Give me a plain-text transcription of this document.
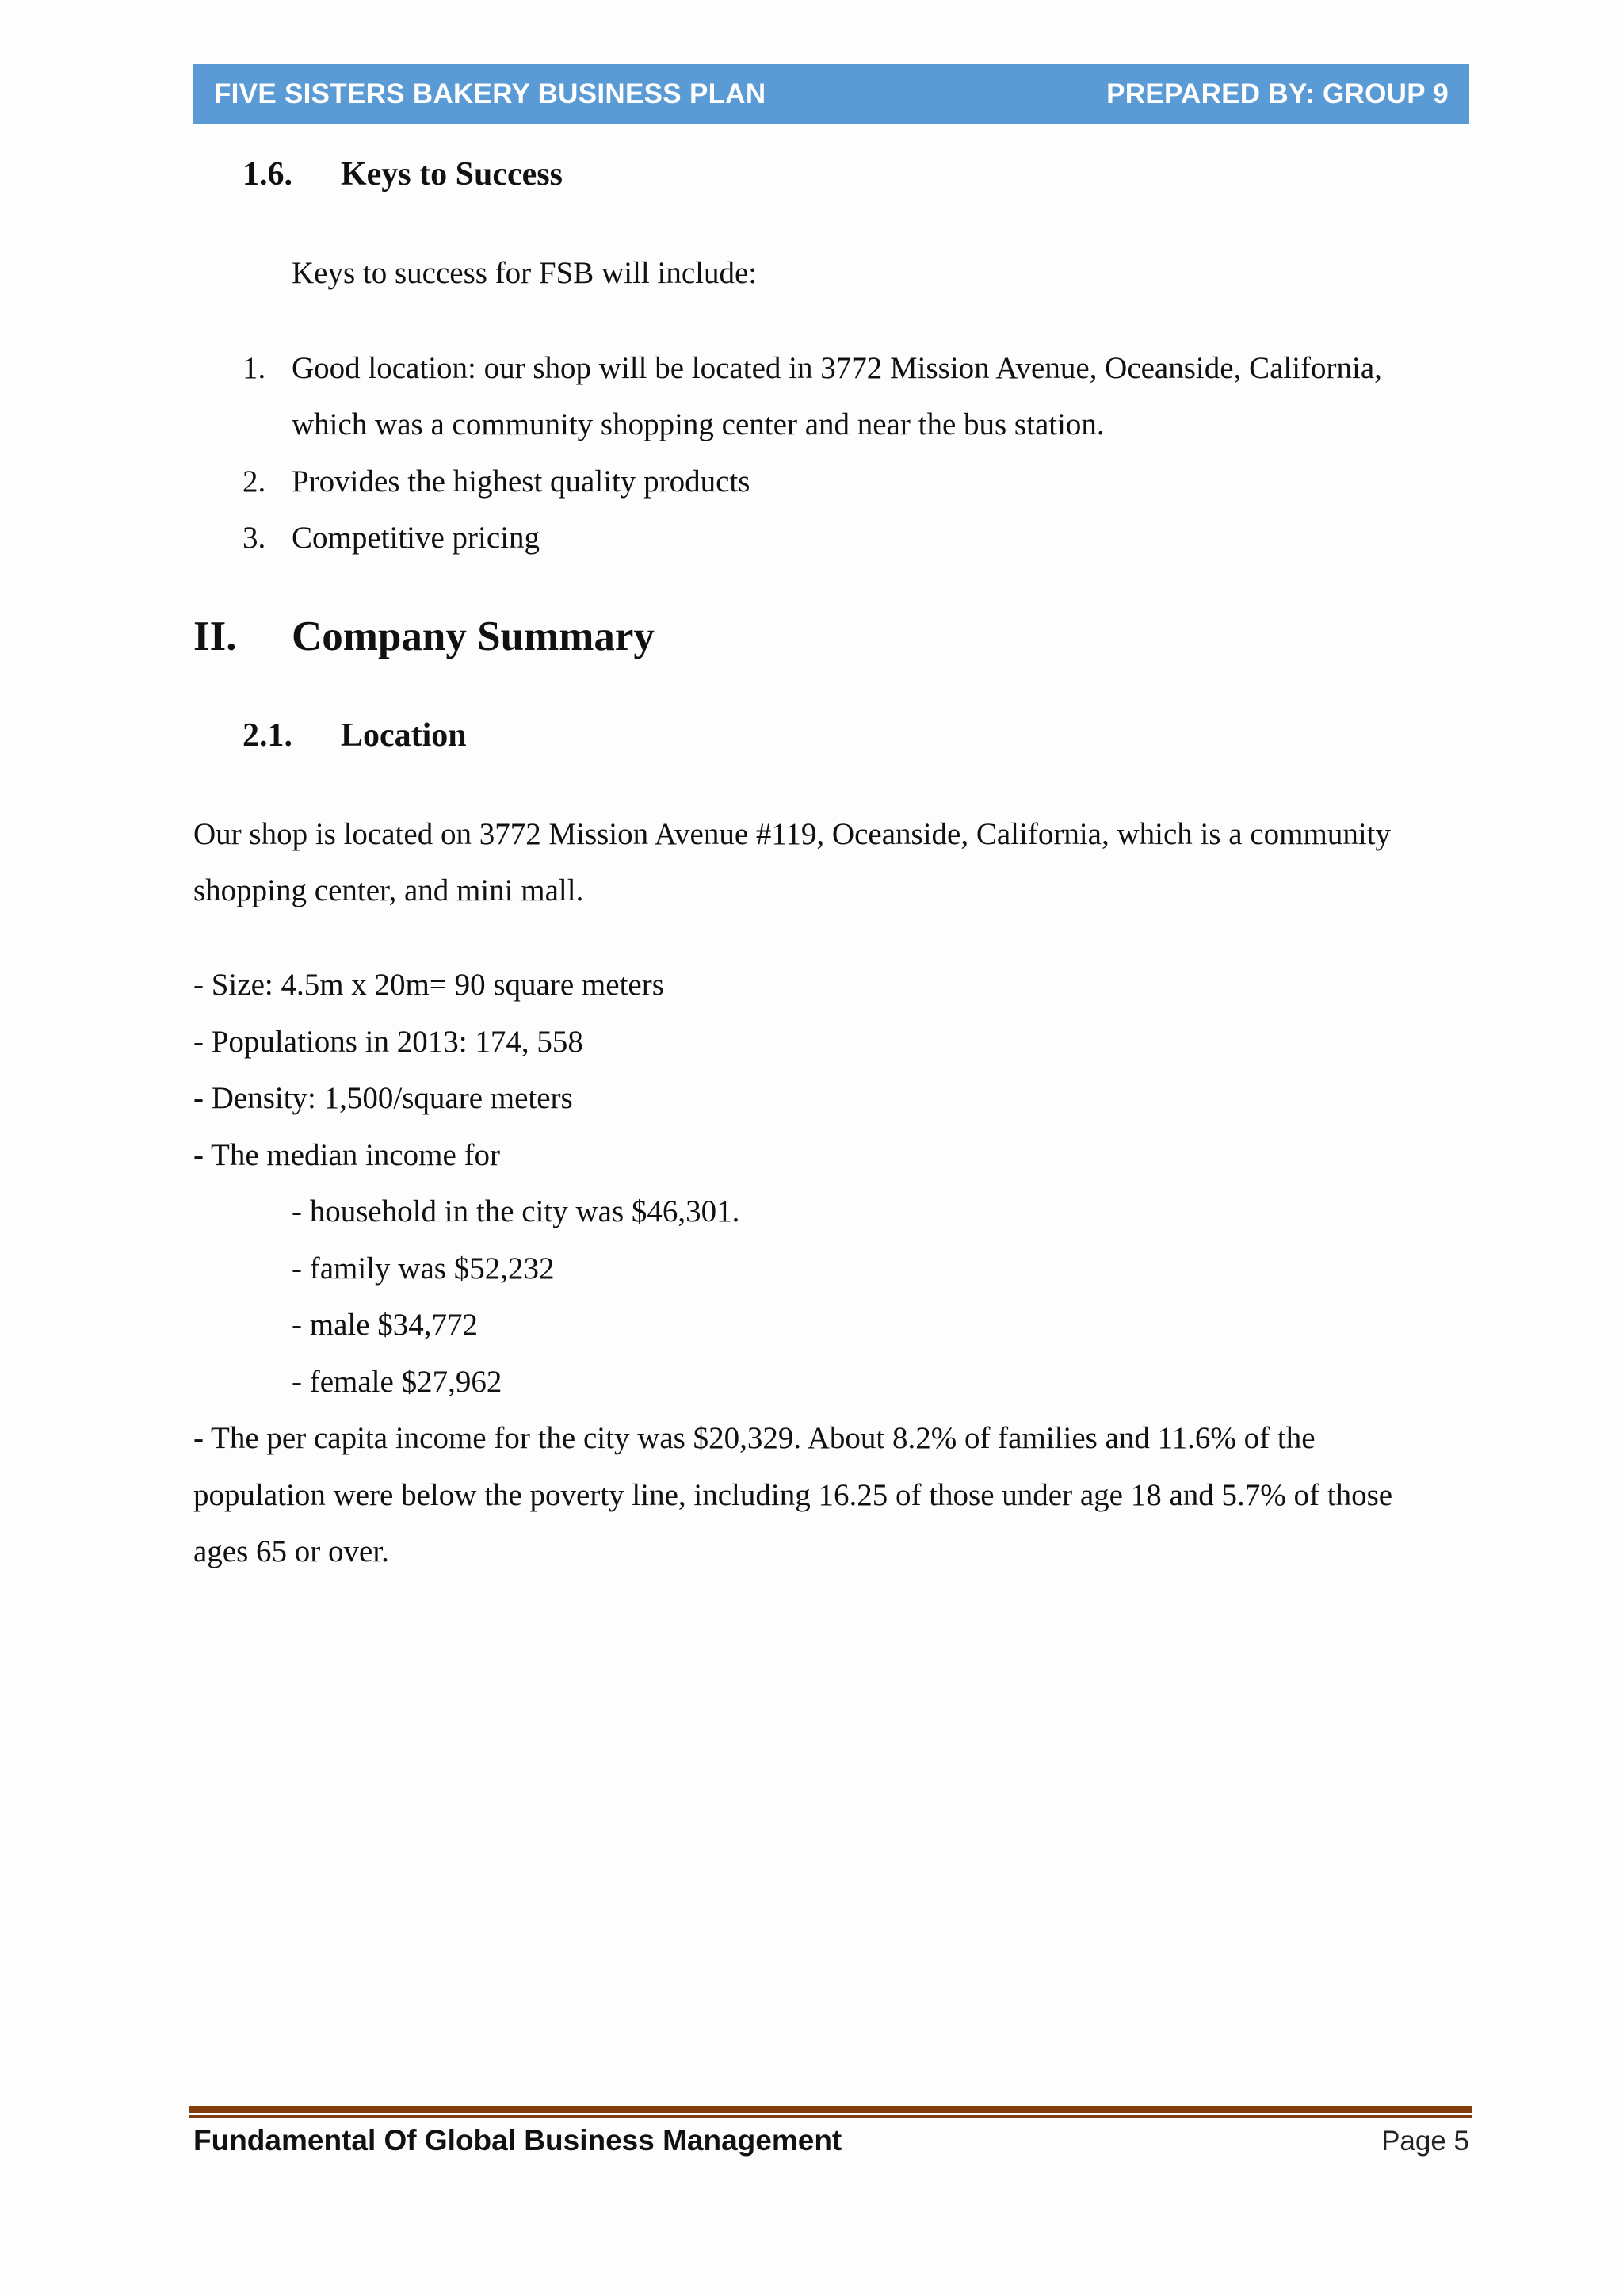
FIVE SISTERS BAKERY BUSINESS PLAN	PREPARED BY: GROUP 9
1.6. Keys to Success
Keys to success for FSB will include:
1. Good location: our shop will be located in 3772 Mission Avenue, Oceanside, California,
which was a community shopping center and near the bus station.
2. Provides the highest quality products
3. Competitive pricing
II. Company Summary
2.1. Location
Our shop is located on 3772 Mission Avenue #119, Oceanside, California, which is a community
shopping center, and mini mall.
- Size: 4.5m x 20m= 90 square meters
- Populations in 2013: 174, 558
- Density: 1,500/square meters
- The median income for
- household in the city was $46,301.
- family was $52,232
- male $34,772
- female $27,962
- The per capita income for the city was $20,329. About 8.2% of families and 11.6% of the
population were below the poverty line, including 16.25 of those under age 18 and 5.7% of those
ages 65 or over.
Fundamental Of Global Business Management	Page 5
